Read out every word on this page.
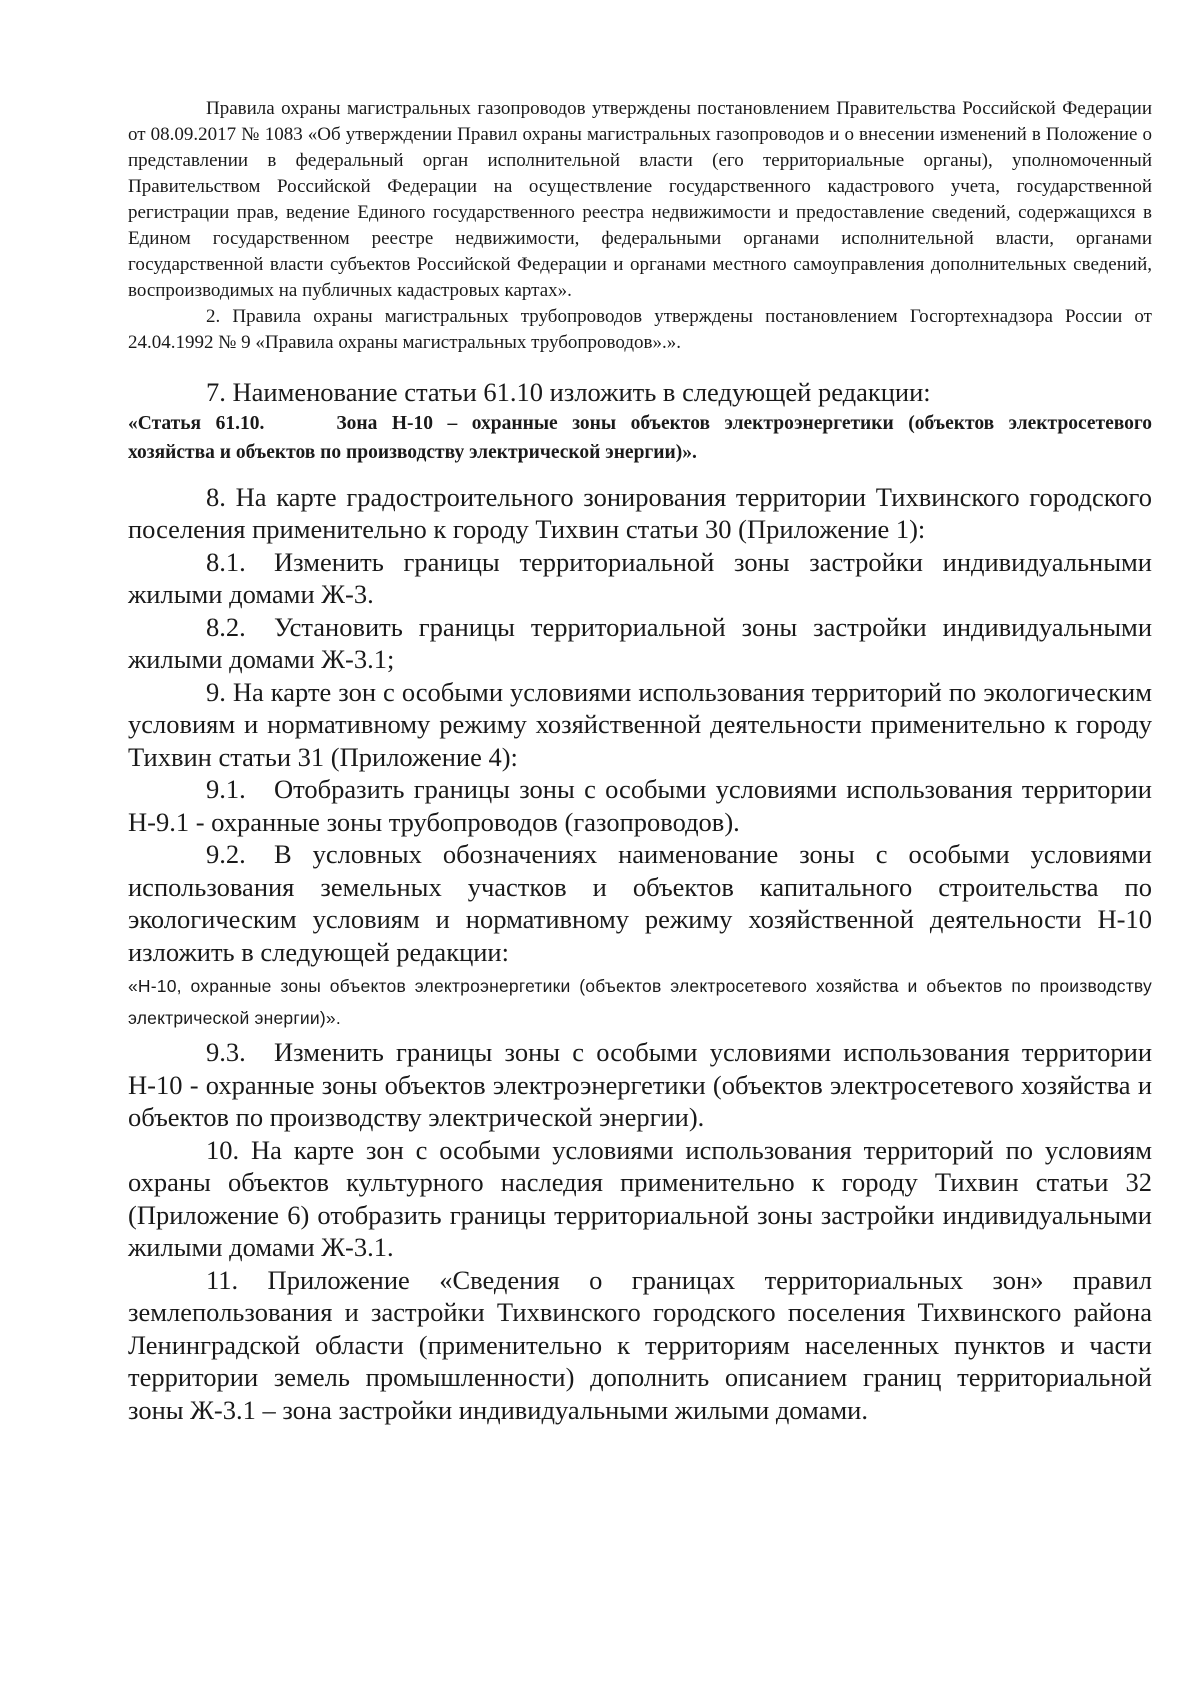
Правила охраны магистральных газопроводов утверждены постановлением Правительства Российской Федерации от 08.09.2017 № 1083 «Об утверждении Правил охраны магистральных газопроводов и о внесении изменений в Положение о представлении в федеральный орган исполнительной власти (его территориальные органы), уполномоченный Правительством Российской Федерации на осуществление государственного кадастрового учета, государственной регистрации прав, ведение Единого государственного реестра недвижимости и предоставление сведений, содержащихся в Едином государственном реестре недвижимости, федеральными органами исполнительной власти, органами государственной власти субъектов Российской Федерации и органами местного самоуправления дополнительных сведений, воспроизводимых на публичных кадастровых картах».

2. Правила охраны магистральных трубопроводов утверждены постановлением Госгортехнадзора России от 24.04.1992 № 9 «Правила охраны магистральных трубопроводов».».

7. Наименование статьи 61.10 изложить в следующей редакции:

«Статья 61.10.	Зона Н-10 – охранные зоны объектов электроэнергетики (объектов электросетевого хозяйства и объектов по производству электрической энергии)».

8. На карте градостроительного зонирования территории Тихвинского городского поселения применительно к городу Тихвин статьи 30 (Приложение 1):

8.1. Изменить границы территориальной зоны застройки индивидуальными жилыми домами Ж-3.

8.2. Установить границы территориальной зоны застройки индивидуальными жилыми домами Ж-3.1;

9. На карте зон с особыми условиями использования территорий по экологическим условиям и нормативному режиму хозяйственной деятельности применительно к городу Тихвин статьи 31 (Приложение 4):

9.1. Отобразить границы зоны с особыми условиями использования территории Н-9.1 - охранные зоны трубопроводов (газопроводов).

9.2. В условных обозначениях наименование зоны с особыми условиями использования земельных участков и объектов капитального строительства по экологическим условиям и нормативному режиму хозяйственной деятельности Н-10 изложить в следующей редакции:

«Н-10, охранные зоны объектов электроэнергетики (объектов электросетевого хозяйства и объектов по производству электрической энергии)».

9.3. Изменить границы зоны с особыми условиями использования территории Н-10 - охранные зоны объектов электроэнергетики (объектов электросетевого хозяйства и объектов по производству электрической энергии).

10. На карте зон с особыми условиями использования территорий по условиям охраны объектов культурного наследия применительно к городу Тихвин статьи 32 (Приложение 6) отобразить границы территориальной зоны застройки индивидуальными жилыми домами Ж-3.1.

11. Приложение «Сведения о границах территориальных зон» правил землепользования и застройки Тихвинского городского поселения Тихвинского района Ленинградской области (применительно к территориям населенных пунктов и части территории земель промышленности) дополнить описанием границ территориальной зоны Ж-3.1 – зона застройки индивидуальными жилыми домами.
